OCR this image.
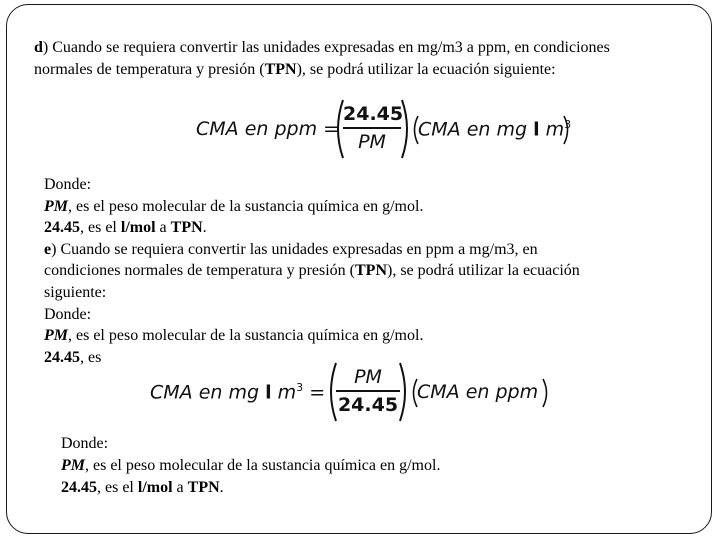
d) Cuando se requiera convertir las unidades expresadas en mg/m3 a ppm, en condiciones
normales de temperatura y presión (TPN), se podrá utilizar la ecuación siguiente:
CMA en ppm =
24.45
PM
CMA en mg l $m^3$
Donde:
PM, es el peso molecular de la sustancia química en g/mol.
24.45, es el l/mol a TPN.
e) Cuando se requiera convertir las unidades expresadas en ppm a mg/m3, en
condiciones normales de temperatura y presión (TPN), se podrá utilizar la ecuación
siguiente:
Donde:
PM, es el peso molecular de la sustancia química en g/mol.
24.45, es
CMA en mg l $m^3$ =
PM
24.45
CMA en ppm
Donde:
PM, es el peso molecular de la sustancia química en g/mol.
24.45, es el l/mol a TPN.
